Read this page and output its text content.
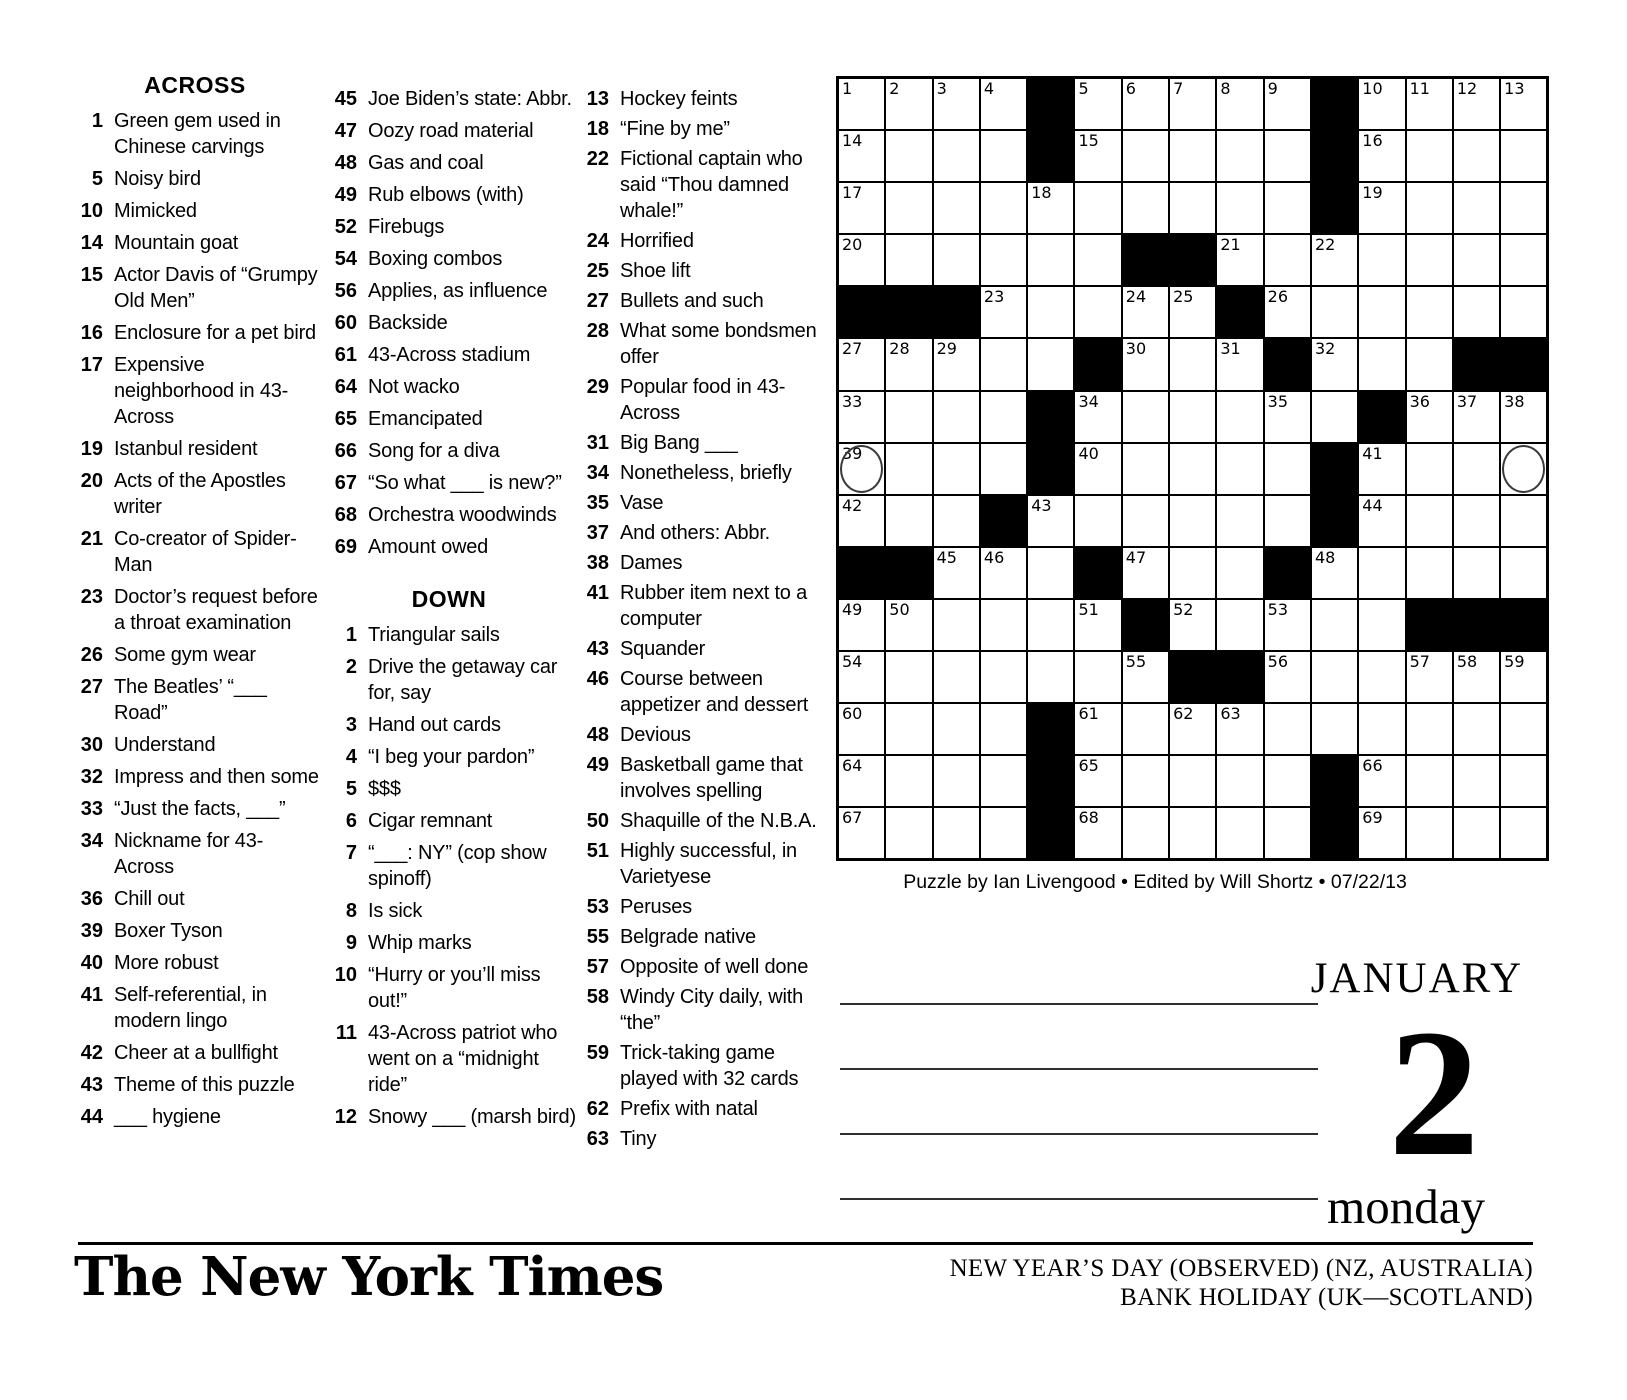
ACROSS
1 Green gem used in Chinese carvings
5 Noisy bird
10 Mimicked
14 Mountain goat
15 Actor Davis of “Grumpy Old Men”
16 Enclosure for a pet bird
17 Expensive neighborhood in 43-Across
19 Istanbul resident
20 Acts of the Apostles writer
21 Co-creator of Spider-Man
23 Doctor’s request before a throat examination
26 Some gym wear
27 The Beatles’ “___ Road”
30 Understand
32 Impress and then some
33 “Just the facts, ___”
34 Nickname for 43-Across
36 Chill out
39 Boxer Tyson
40 More robust
41 Self-referential, in modern lingo
42 Cheer at a bullfight
43 Theme of this puzzle
44 ___ hygiene
45 Joe Biden’s state: Abbr.
47 Oozy road material
48 Gas and coal
49 Rub elbows (with)
52 Firebugs
54 Boxing combos
56 Applies, as influence
60 Backside
61 43-Across stadium
64 Not wacko
65 Emancipated
66 Song for a diva
67 “So what ___ is new?”
68 Orchestra woodwinds
69 Amount owed
DOWN
1 Triangular sails
2 Drive the getaway car for, say
3 Hand out cards
4 “I beg your pardon”
5 $$$
6 Cigar remnant
7 “___: NY” (cop show spinoff)
8 Is sick
9 Whip marks
10 “Hurry or you’ll miss out!”
11 43-Across patriot who went on a “midnight ride”
12 Snowy ___ (marsh bird)
13 Hockey feints
18 “Fine by me”
22 Fictional captain who said “Thou damned whale!”
24 Horrified
25 Shoe lift
27 Bullets and such
28 What some bondsmen offer
29 Popular food in 43-Across
31 Big Bang ___
34 Nonetheless, briefly
35 Vase
37 And others: Abbr.
38 Dames
41 Rubber item next to a computer
43 Squander
46 Course between appetizer and dessert
48 Devious
49 Basketball game that involves spelling
50 Shaquille of the N.B.A.
51 Highly successful, in Varietyese
53 Peruses
55 Belgrade native
57 Opposite of well done
58 Windy City daily, with “the”
59 Trick-taking game played with 32 cards
62 Prefix with natal
63 Tiny
1 2 3 4	5 6 7 8 9	10 11 12 13
14	15	16
17	18	19
20	21	22
23	24 25	26
27 28 29	30	31	32
33	34	35	36 37 38
39	40	41
42	43	44
45 46	47	48
49 50	51	52	53
54	55	56	57 58 59
60	61	62 63
64	65	66
67	68	69
Puzzle by Ian Livengood • Edited by Will Shortz • 07/22/13
JANUARY
2
monday
The New York Times	NEW YEAR’S DAY (OBSERVED) (NZ, AUSTRALIA)
BANK HOLIDAY (UK—SCOTLAND)
